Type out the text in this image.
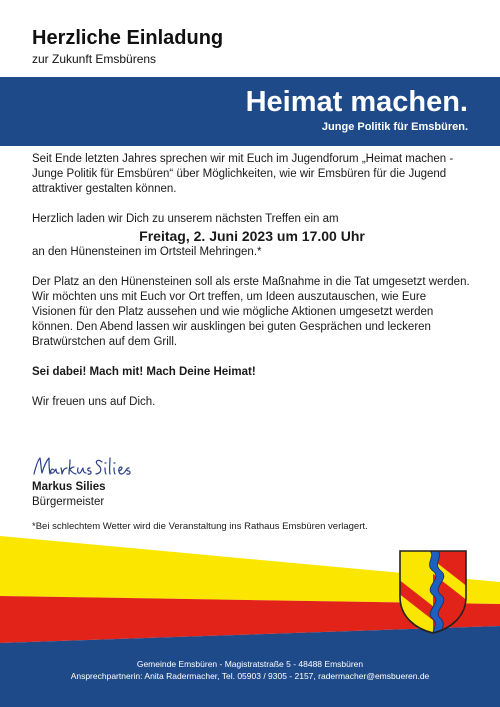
Herzliche Einladung
zur Zukunft Emsbürens
Heimat machen.
Junge Politik für Emsbüren.

Seit Ende letzten Jahres sprechen wir mit Euch im Jugendforum „Heimat machen - Junge Politik für Emsbüren“ über Möglichkeiten, wie wir Emsbüren für die Jugend attraktiver gestalten können.

Herzlich laden wir Dich zu unserem nächsten Treffen ein am

Freitag, 2. Juni 2023 um 17.00 Uhr

an den Hünensteinen im Ortsteil Mehringen.*

Der Platz an den Hünensteinen soll als erste Maßnahme in die Tat umgesetzt werden. Wir möchten uns mit Euch vor Ort treffen, um Ideen auszutauschen, wie Eure Visionen für den Platz aussehen und wie mögliche Aktionen umgesetzt werden können. Den Abend lassen wir ausklingen bei guten Gesprächen und leckeren Bratwürstchen auf dem Grill.

Sei dabei! Mach mit! Mach Deine Heimat!

Wir freuen uns auf Dich.

Markus Silies
Bürgermeister
*Bei schlechtem Wetter wird die Veranstaltung ins Rathaus Emsbüren verlagert.
Gemeinde Emsbüren - Magistratstraße 5 - 48488 Emsbüren
Ansprechpartnerin: Anita Radermacher, Tel. 05903 / 9305 - 2157, radermacher@emsbueren.de
